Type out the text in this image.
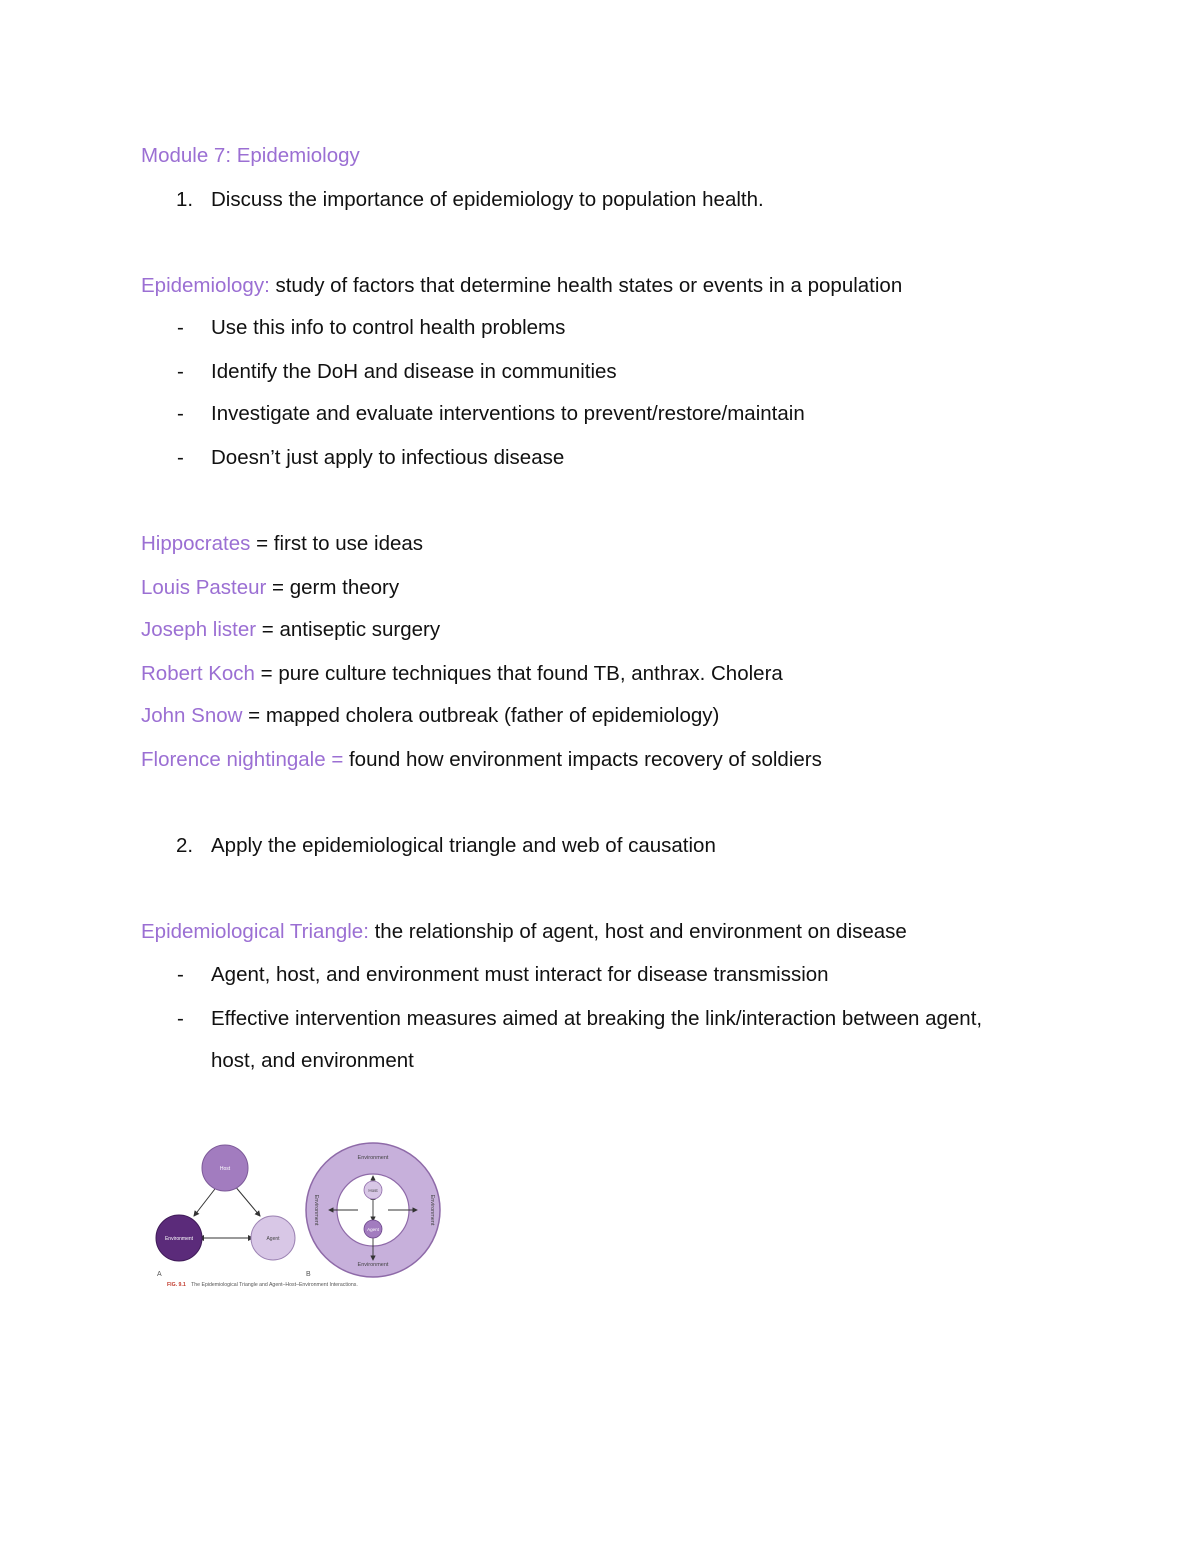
Module 7: Epidemiology
1. Discuss the importance of epidemiology to population health.
Epidemiology: study of factors that determine health states or events in a population
- Use this info to control health problems
- Identify the DoH and disease in communities
- Investigate and evaluate interventions to prevent/restore/maintain
- Doesn’t just apply to infectious disease
Hippocrates = first to use ideas
Louis Pasteur = germ theory
Joseph lister = antiseptic surgery
Robert Koch = pure culture techniques that found TB, anthrax. Cholera
John Snow = mapped cholera outbreak (father of epidemiology)
Florence nightingale = found how environment impacts recovery of soldiers
2. Apply the epidemiological triangle and web of causation
Epidemiological Triangle: the relationship of agent, host and environment on disease
- Agent, host, and environment must interact for disease transmission
- Effective intervention measures aimed at breaking the link/interaction between agent,
host, and environment
Host
Environment	Agent
A
Environment
Environment
Environment	Environment
Host
Agent
B
FIG. 9.1 The Epidemiological Triangle and Agent–Host–Environment Interactions.
